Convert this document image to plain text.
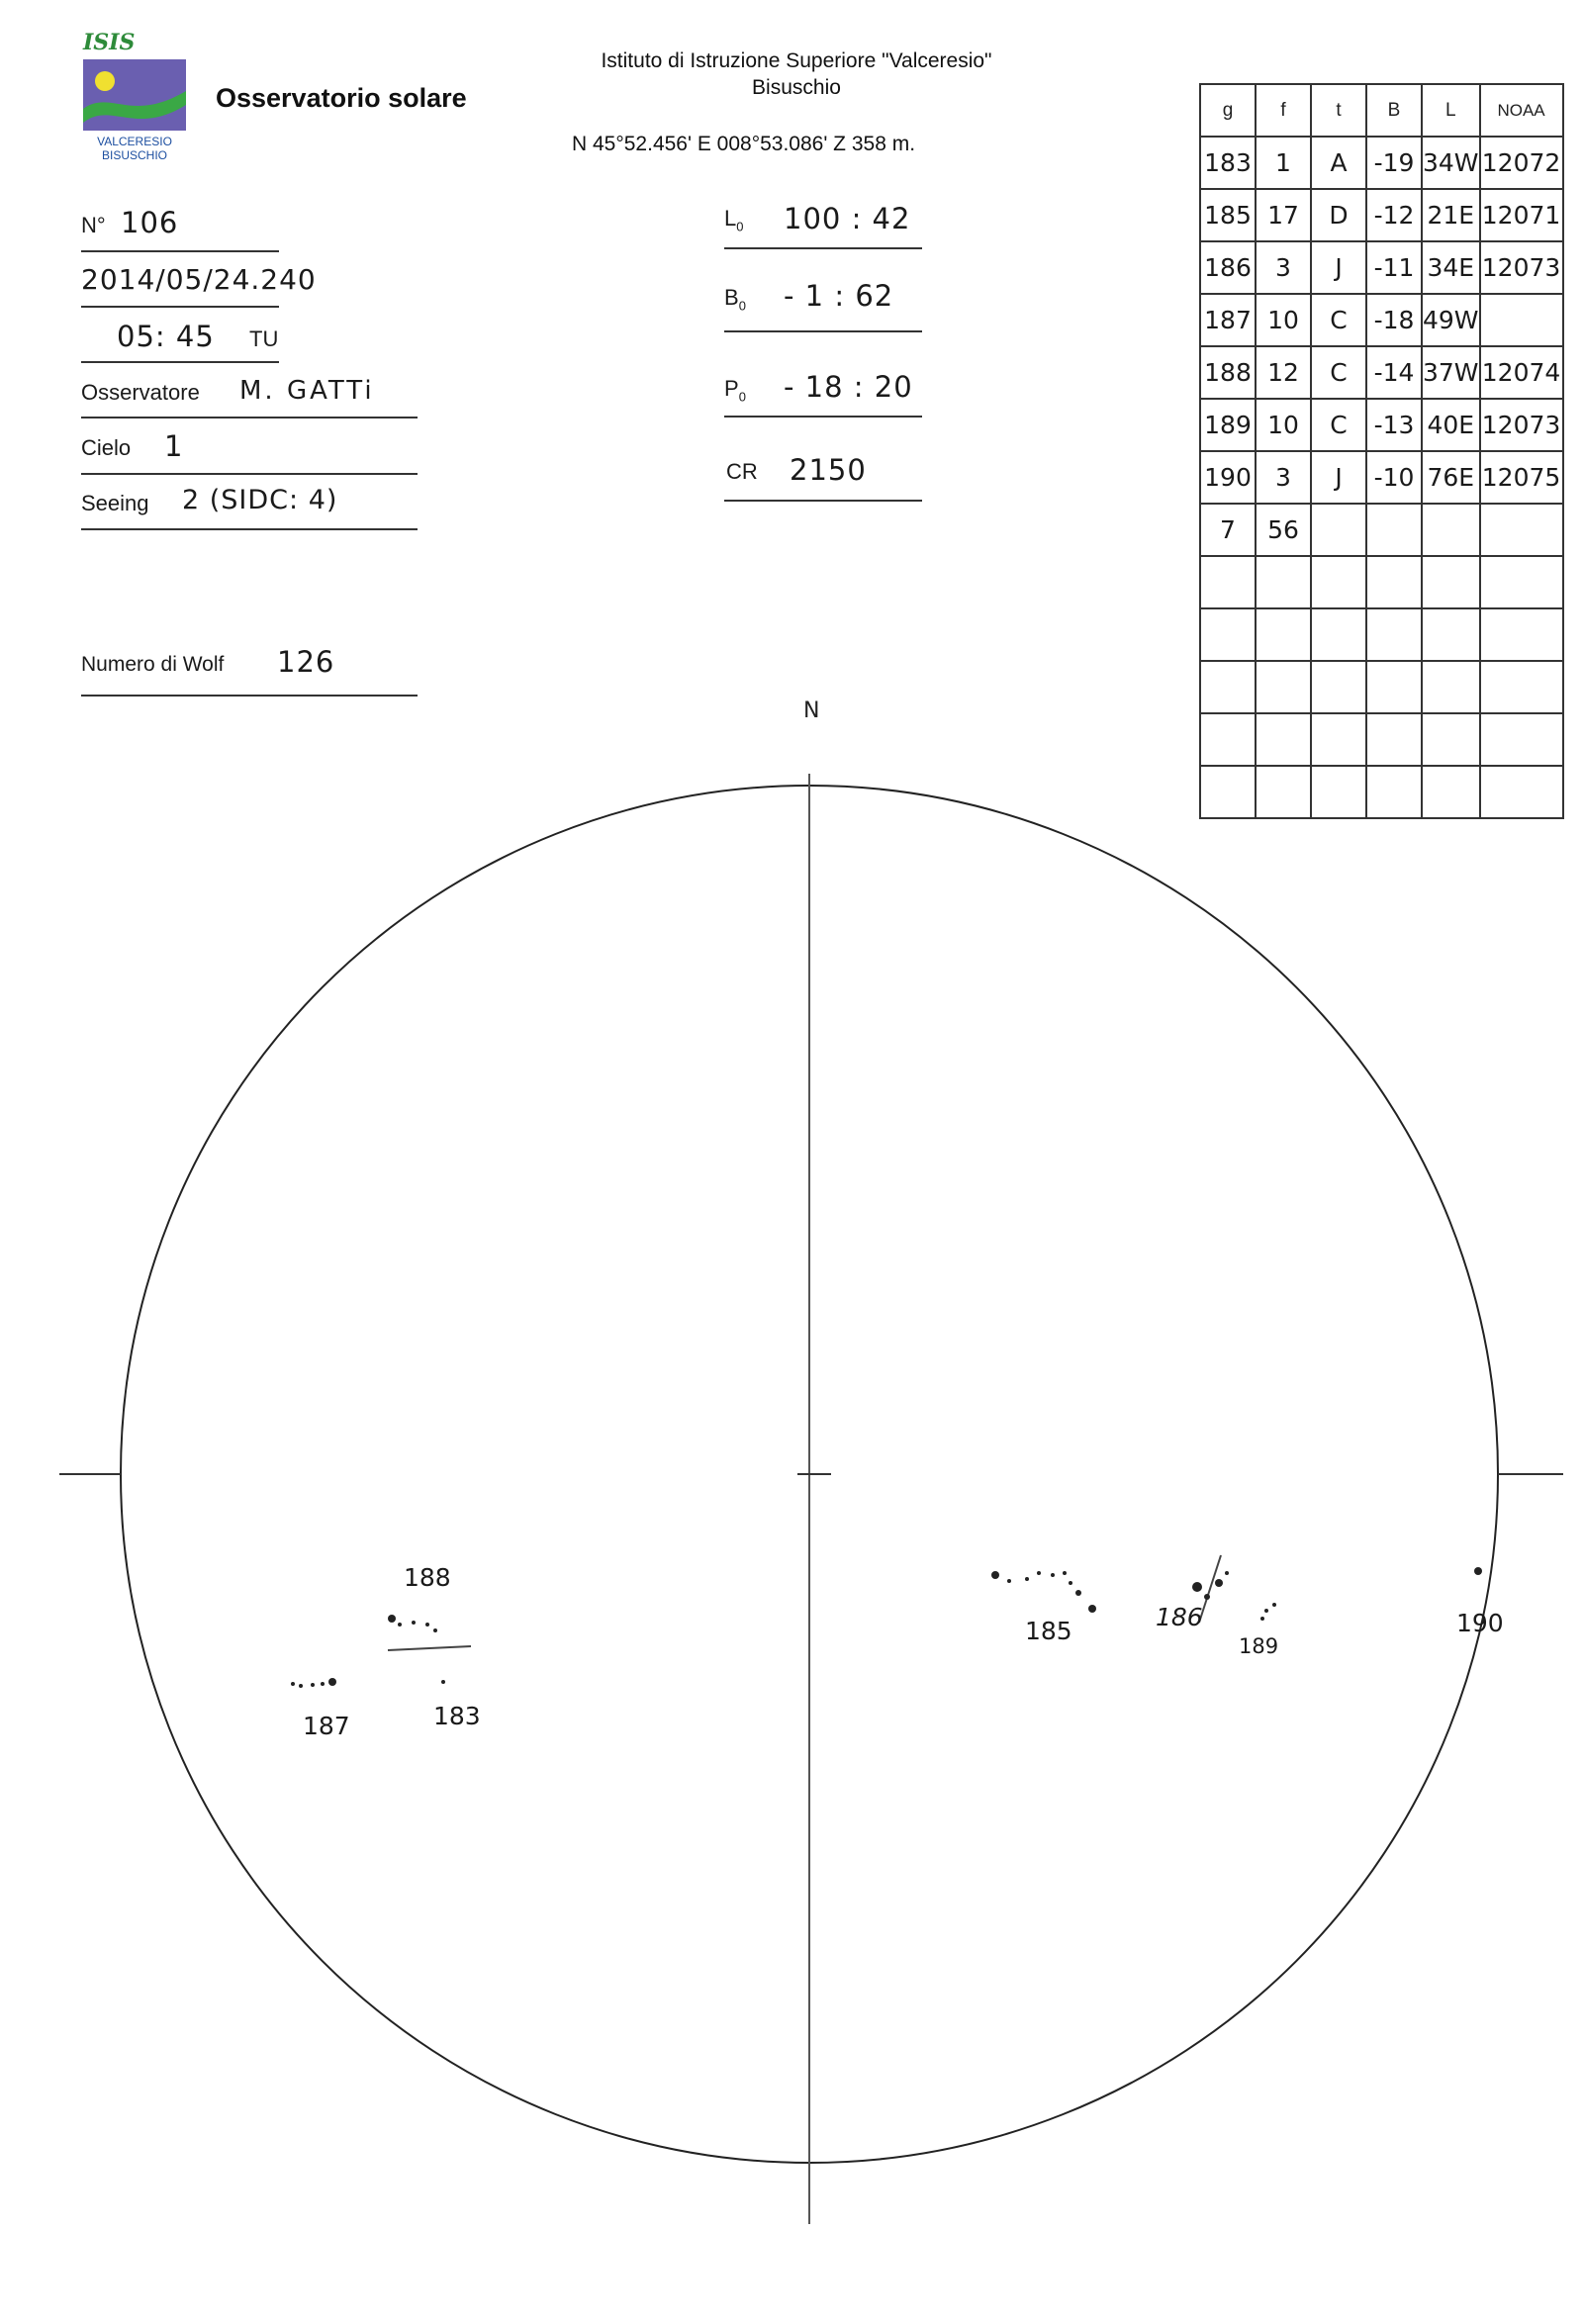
ISIS
VALCERESIO
BISUSCHIO
Osservatorio solare
Istituto di Istruzione Superiore "Valceresio"
Bisuschio
N 45°52.456' E 008°53.086' Z 358 m.
N° 106
2014/05/24.240
05: 45 TU
Osservatore M. GATTi
Cielo 1
Seeing 2 (SIDC: 4)
Numero di Wolf 126
$L_0$ 100 : 42
$B_0 - 1$ : 62
$P_0 - 18$ : 20
CR 2150
g	f	t	B	L	NOAA
183	1	A	-19	34W	12072
185	17	D	-12	21E	12071
186	3	J	-11	34E	12073
187	10	C	-18	49W	
188	12	C	-14	37W	12074
189	10	C	-13	40E	12073
190	3	J	-10	76E	12075
7	56				

N
188
187	183
185	186
189
190
